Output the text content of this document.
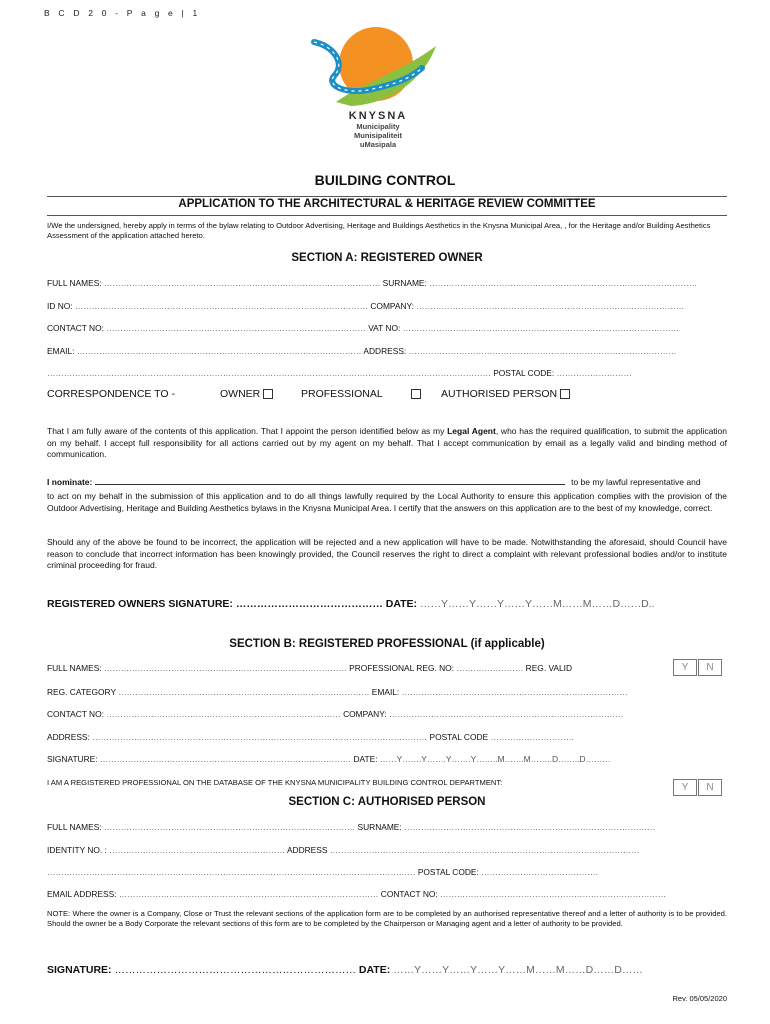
B C D 2 0 - P a g e | 1
KNYSNA
Municipality
Munisipaliteit
uMasipala
BUILDING CONTROL
APPLICATION TO THE ARCHITECTURAL & HERITAGE REVIEW COMMITTEE
I/We the undersigned, hereby apply in terms of the bylaw relating to Outdoor Advertising, Heritage and Buildings Aesthetics in the Knysna Municipal Area, , for the Heritage and/or Building Aesthetics Assessment of the application attached hereto.
SECTION A: REGISTERED OWNER
FULL NAMES: ……………………………………………………………………………………… SURNAME: ……………………………………………………………………………………
ID NO: …………………………………………………………………………………………… COMPANY: ……………………………………………………………………………………
CONTACT NO: ………………………………………………………………………………… VAT NO: ………………………………………………………………………………………
EMAIL: ………………………………………………………………………………………… ADDRESS: ……………………………………………………………………………………
…………………………………………………………………………………………………………………………………………… POSTAL CODE: ………………………
CORRESPONDENCE TO -	OWNER	PROFESSIONAL	AUTHORISED PERSON
That I am fully aware of the contents of this application. That I appoint the person identified below as my Legal Agent, who has the required qualification, to submit the application on my behalf. I accept full responsibility for all actions carried out by my agent on my behalf. That I accept communication by email as a legally valid and binding method of communication.
I nominate:	to be my lawful representative and
to act on my behalf in the submission of this application and to do all things lawfully required by the Local Authority to ensure this application complies with the provision of the Outdoor Advertising, Heritage and Building Aesthetics bylaws in the Knysna Municipal Area. I certify that the answers on this application are to the best of my knowledge, correct.
Should any of the above be found to be incorrect, the application will be rejected and a new application will have to be made. Notwithstanding the aforesaid, should Council have reason to conclude that incorrect information has been knowingly provided, the Council reserves the right to direct a complaint with relevant professional bodies and/or to institute criminal proceeding for fraud.
REGISTERED OWNERS SIGNATURE: …………………………………… DATE: ……Y……Y……Y……Y……M……M……D……D..
SECTION B: REGISTERED PROFESSIONAL (if applicable)
FULL NAMES: …………………………………………………………………………… PROFESSIONAL REG. NO: …………………… REG. VALID	Y	N
REG. CATEGORY ……………………………………………………………………………… EMAIL: ………………………………………………………………………
CONTACT NO: ………………………………………………………………………… COMPANY: …………………………………………………………………………
ADDRESS: ………………………………………………………………………………………………………… POSTAL CODE …………………………
SIGNATURE: ……………………………………………………………………………… DATE: ……Y…….Y…….Y…….Y……..M…….M……..D……..D………
I AM A REGISTERED PROFESSIONAL ON THE DATABASE OF THE KNYSNA MUNICIPALITY BUILDING CONTROL DEPARTMENT:	Y	N
SECTION C: AUTHORISED PERSON
FULL NAMES: ……………………………………………………………………………… SURNAME: ………………………………………………………………………………
IDENTITY NO. : ……………………………………………………… ADDRESS …………………………………………………………………………………………………
…………………………………………………………………………………………………………………… POSTAL CODE: ……………………………………
EMAIL ADDRESS: ………………………………………………………………………………… CONTACT NO: ………………………………………………………………………
NOTE: Where the owner is a Company, Close or Trust the relevant sections of the application form are to be completed by an authorised representative thereof and a letter of authority is to be provided. Should the owner be a Body Corporate the relevant sections of this form are to be completed by the Chairperson or Managing agent and a letter of authority to be provided.
SIGNATURE: …………………………………………………………… DATE: ……Y……Y……Y……Y……M……M……D……D……
Rev. 05/05/2020
